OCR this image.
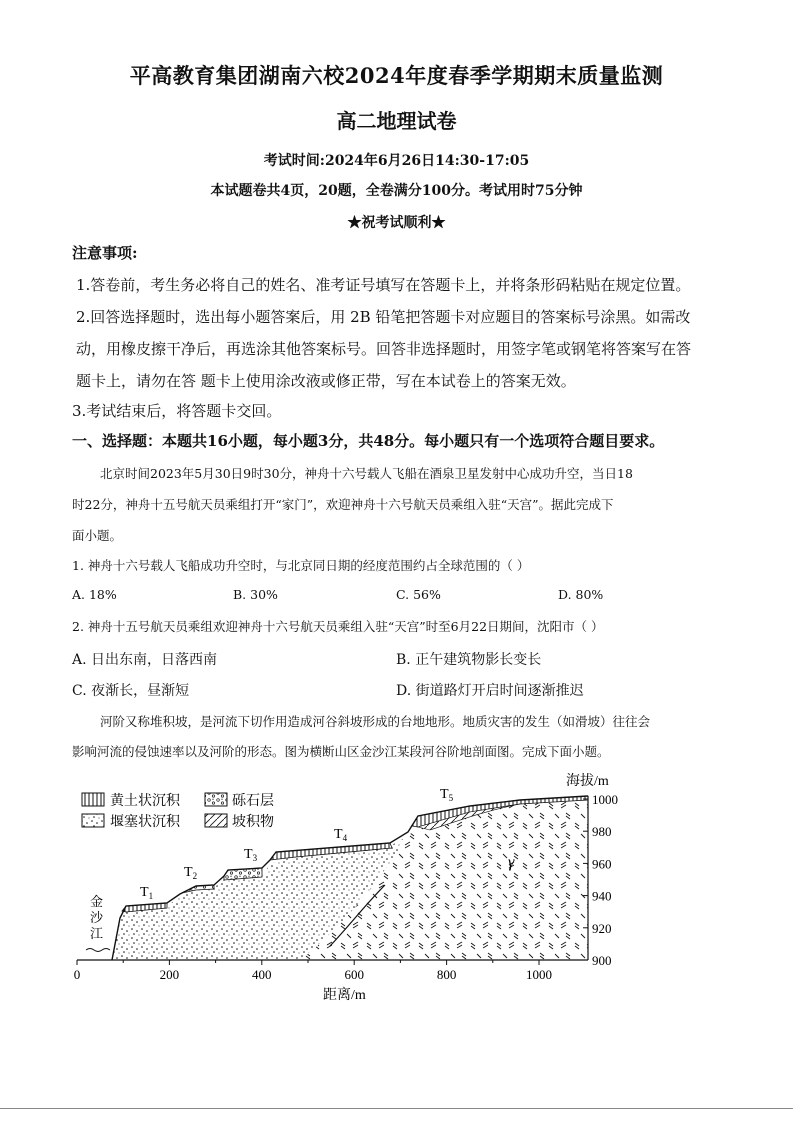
平高教育集团湖南六校2024年度春季学期期末质量监测
高二地理试卷
考试时间:2024年6月26日14:30-17:05
本试题卷共4页，20题，全卷满分100分。考试用时75分钟
★祝考试顺利★
注意事项:
1.答卷前，考生务必将自己的姓名、准考证号填写在答题卡上，并将条形码粘贴在规定位置。
2.回答选择题时，选出每小题答案后，用 2B 铅笔把答题卡对应题目的答案标号涂黑。如需改
动，用橡皮擦干净后，再选涂其他答案标号。回答非选择题时，用签字笔或钢笔将答案写在答
题卡上，请勿在答 题卡上使用涂改液或修正带，写在本试卷上的答案无效。
3.考试结束后，将答题卡交回。
一、选择题：本题共16小题，每小题3分，共48分。每小题只有一个选项符合题目要求。
北京时间2023年5月30日9时30分，神舟十六号载人飞船在酒泉卫星发射中心成功升空，当日18
时22分，神舟十五号航天员乘组打开“家门”，欢迎神舟十六号航天员乘组入驻“天宫”。据此完成下
面小题。
1. 神舟十六号载人飞船成功升空时，与北京同日期的经度范围约占全球范围的（ ）
A. 18%	B. 30%	C. 56%	D. 80%
2. 神舟十五号航天员乘组欢迎神舟十六号航天员乘组入驻“天宫”时至6月22日期间，沈阳市（ ）
A. 日出东南，日落西南	B. 正午建筑物影长变长
C. 夜渐长，昼渐短	D. 街道路灯开启时间逐渐推迟
河阶又称堆积坡，是河流下切作用造成河谷斜坡形成的台地地形。地质灾害的发生（如滑坡）往往会
影响河流的侵蚀速率以及河阶的形态。图为横断山区金沙江某段河谷阶地剖面图。完成下面小题。
黄土状沉积	砾石层
堰塞状沉积	坡积物
金
沙
江
$T_1$
$T_2$
$T_3$
$T_4$
$T_5$
γ
0	200	400	600	800	1000
1000
980
960
940
920
900
海拔/m
距离/m
